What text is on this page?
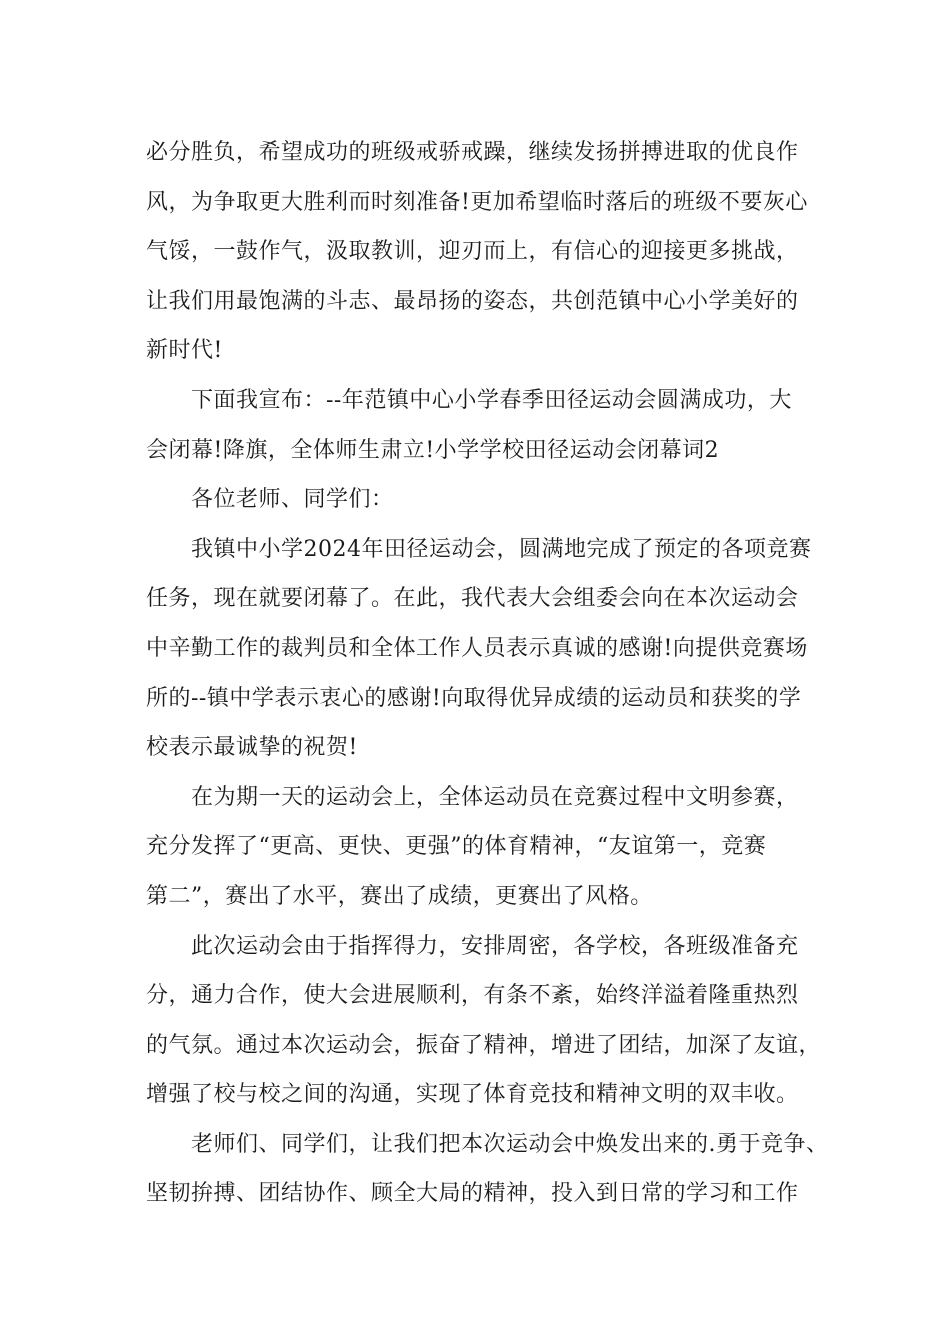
必分胜负，希望成功的班级戒骄戒躁，继续发扬拼搏进取的优良作
风，为争取更大胜利而时刻准备!更加希望临时落后的班级不要灰心
气馁，一鼓作气，汲取教训，迎刃而上，有信心的迎接更多挑战，
让我们用最饱满的斗志、最昂扬的姿态，共创范镇中心小学美好的
新时代!
下面我宣布：--年范镇中心小学春季田径运动会圆满成功，大
会闭幕!降旗，全体师生肃立!小学学校田径运动会闭幕词2
各位老师、同学们：
我镇中小学2024年田径运动会，圆满地完成了预定的各项竞赛
任务，现在就要闭幕了。在此，我代表大会组委会向在本次运动会
中辛勤工作的裁判员和全体工作人员表示真诚的感谢!向提供竞赛场
所的--镇中学表示衷心的感谢!向取得优异成绩的运动员和获奖的学
校表示最诚挚的祝贺!
在为期一天的运动会上，全体运动员在竞赛过程中文明参赛，
充分发挥了“更高、更快、更强”的体育精神，“友谊第一，竞赛
第二”，赛出了水平，赛出了成绩，更赛出了风格。
此次运动会由于指挥得力，安排周密，各学校，各班级准备充
分，通力合作，使大会进展顺利，有条不紊，始终洋溢着隆重热烈
的气氛。通过本次运动会，振奋了精神，增进了团结，加深了友谊，
增强了校与校之间的沟通，实现了体育竞技和精神文明的双丰收。
老师们、同学们，让我们把本次运动会中焕发出来的.勇于竞争、
坚韧拚搏、团结协作、顾全大局的精神，投入到日常的学习和工作
